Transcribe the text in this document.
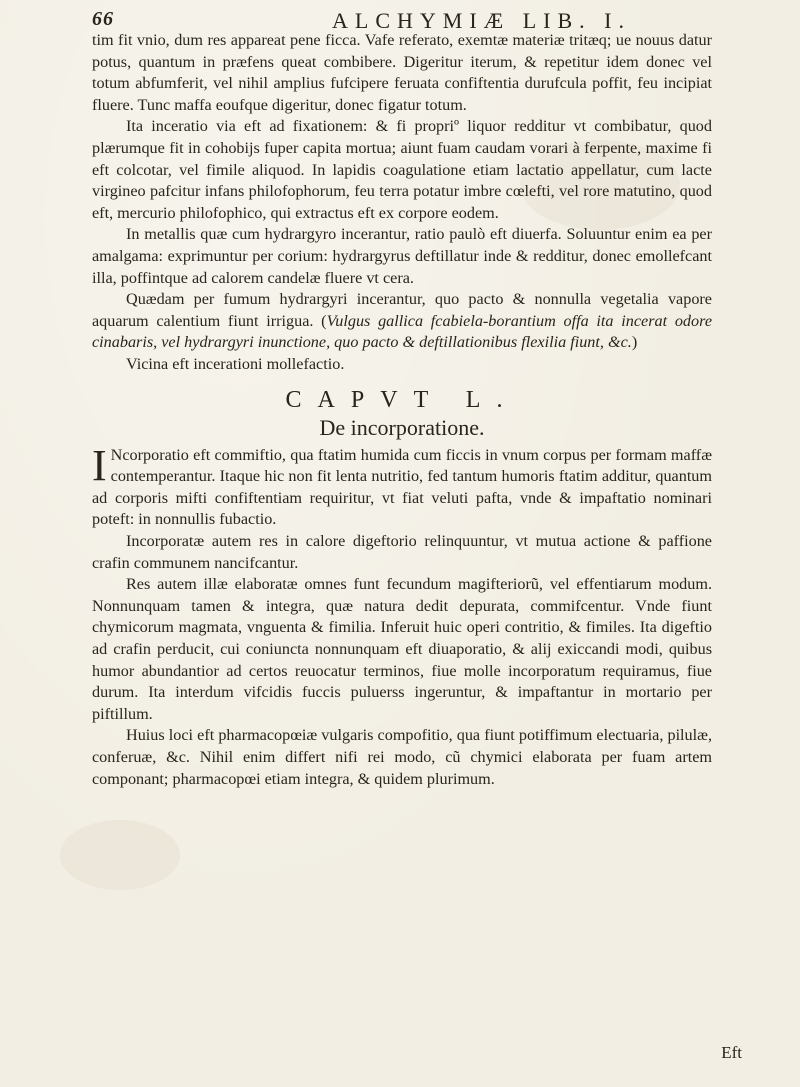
66	ALCHYMIÆ LIB. I.

tim fit vnio, dum res appareat pene ficca. Vafe referato, exemtæ materiæ tritæq; ue nouus datur potus, quantum in præfens queat combibere. Digeritur iterum, & repetitur idem donec vel totum abfumferit, vel nihil amplius fufcipere feruata confiftentia durufcula poffit, feu incipiat fluere. Tunc maffa eoufque digeritur, donec figatur totum.

Ita inceratio via eft ad fixationem: & fi propriº liquor redditur vt combibatur, quod plærumque fit in cohobijs fuper capita mortua; aiunt fuam caudam vorari à ferpente, maxime fi eft colcotar, vel fimile aliquod. In lapidis coagulatione etiam lactatio appellatur, cum lacte virgineo pafcitur infans philofophorum, feu terra potatur imbre cœlefti, vel rore matutino, quod eft, mercurio philofophico, qui extractus eft ex corpore eodem.

In metallis quæ cum hydrargyro incerantur, ratio paulò eft diuerfa. Soluuntur enim ea per amalgama: exprimuntur per corium: hydrargyrus deftillatur inde & redditur, donec emollefcant illa, poffintque ad calorem candelæ fluere vt cera.

Quædam per fumum hydrargyri incerantur, quo pacto & nonnulla vegetalia vapore aquarum calentium fiunt irrigua. (Vulgus gallica fcabiela-borantium offa ita incerat odore cinabaris, vel hydrargyri inunctione, quo pacto & deftillationibus flexilia fiunt, &c.)

Vicina eft incerationi mollefactio.

CAPVT L.
De incorporatione.

INcorporatio eft commiftio, qua ftatim humida cum ficcis in vnum corpus per formam maffæ contemperantur. Itaque hic non fit lenta nutritio, fed tantum humoris ftatim additur, quantum ad corporis mifti confiftentiam requiritur, vt fiat veluti pafta, vnde & impaftatio nominari poteft: in nonnullis fubactio.

Incorporatæ autem res in calore digeftorio relinquuntur, vt mutua actione & paffione crafin communem nancifcantur.

Res autem illæ elaboratæ omnes funt fecundum magifteriorũ, vel effentiarum modum. Nonnunquam tamen & integra, quæ natura dedit depurata, commifcentur. Vnde fiunt chymicorum magmata, vnguenta & fimilia. Inferuit huic operi contritio, & fimiles. Ita digeftio ad crafin perducit, cui coniuncta nonnunquam eft diuaporatio, & alij exiccandi modi, quibus humor abundantior ad certos reuocatur terminos, fiue molle incorporatum requiramus, fiue durum. Ita interdum vifcidis fuccis puluerss ingeruntur, & impaftantur in mortario per piftillum.

Huius loci eft pharmacopœiæ vulgaris compofitio, qua fiunt potiffimum electuaria, pilulæ, conferuæ, &c. Nihil enim differt nifi rei modo, cũ chymici elaborata per fuam artem componant; pharmacopœi etiam integra, & quidem plurimum.

Eft
